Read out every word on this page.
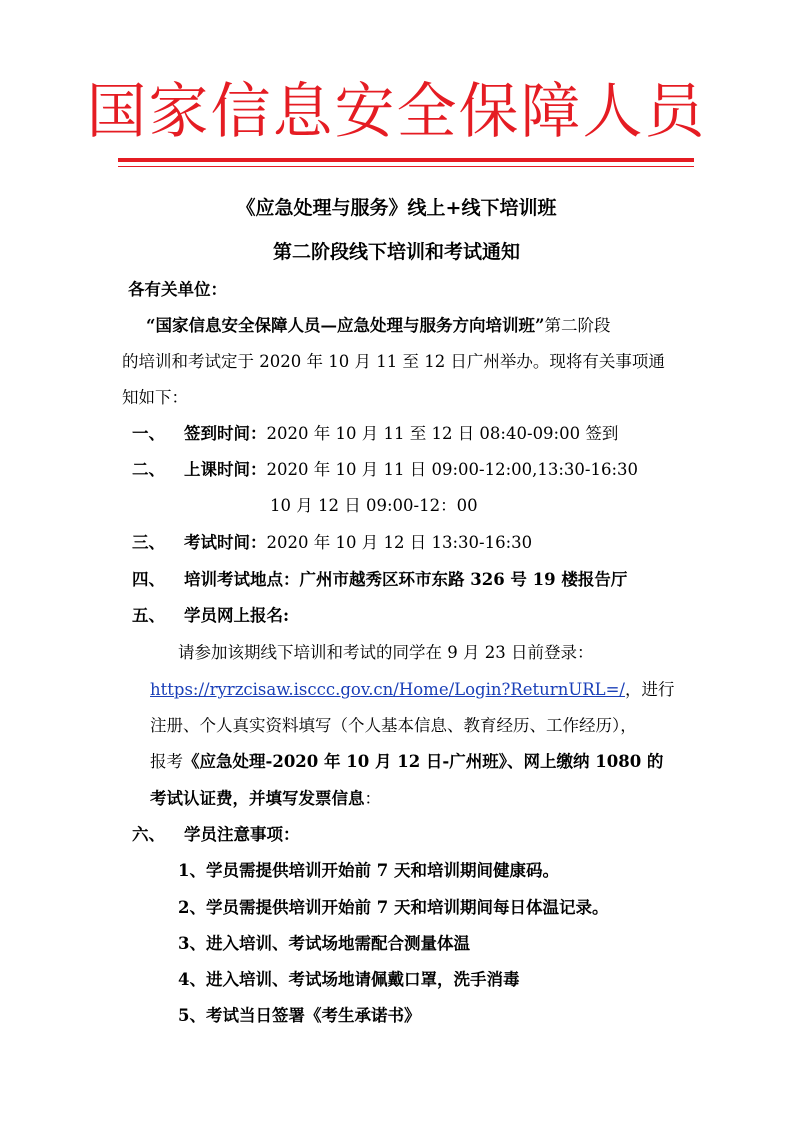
国家信息安全保障人员
《应急处理与服务》线上+线下培训班
第二阶段线下培训和考试通知
各有关单位：
“国家信息安全保障人员—应急处理与服务方向培训班”第二阶段
的培训和考试定于 2020 年 10 月 11 至 12 日广州举办。现将有关事项通
知如下：
一、 签到时间：2020 年 10 月 11 至 12 日 08:40-09:00 签到
二、 上课时间：2020 年 10 月 11 日 09:00-12:00,13:30-16:30
10 月 12 日 09:00-12：00
三、 考试时间：2020 年 10 月 12 日 13:30-16:30
四、 培训考试地点：广州市越秀区环市东路 326 号 19 楼报告厅
五、 学员网上报名:
请参加该期线下培训和考试的同学在 9 月 23 日前登录：
https://ryrzcisaw.isccc.gov.cn/Home/Login?ReturnURL=/，进行
注册、个人真实资料填写（个人基本信息、教育经历、工作经历），
报考《应急处理-2020 年 10 月 12 日-广州班》、网上缴纳 1080 的
考试认证费，并填写发票信息：
六、 学员注意事项：
1、学员需提供培训开始前 7 天和培训期间健康码。
2、学员需提供培训开始前 7 天和培训期间每日体温记录。
3、进入培训、考试场地需配合测量体温
4、进入培训、考试场地请佩戴口罩，洗手消毒
5、考试当日签署《考生承诺书》
